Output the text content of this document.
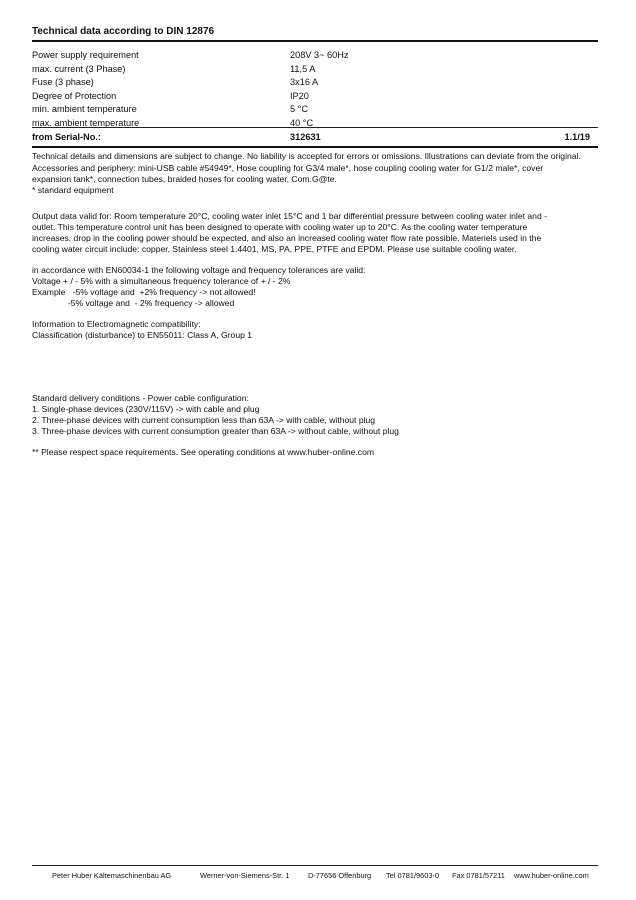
Technical data according to DIN 12876
Power supply requirement	208V 3~ 60Hz
max. current (3 Phase)	11,5 A
Fuse (3 phase)	3x16 A
Degree of Protection	IP20
min. ambient temperature	5 °C
max. ambient temperature	40 °C
from Serial-No.:	312631	1.1/19
Technical details and dimensions are subject to change. No liability is accepted for errors or omissions. Illustrations can deviate from the original.
Accessories and periphery: mini-USB cable #54949*, Hose coupling for G3/4 male*, hose coupling cooling water for G1/2 male*, cover
expansion tank*, connection tubes, braided hoses for cooling water, Com.G@te.
* standard equipment
Output data valid for: Room temperature 20°C, cooling water inlet 15°C and 1 bar differential pressure between cooling water inlet and -
outlet. This temperature control unit has been designed to operate with cooling water up to 20°C. As the cooling water temperature
increases, drop in the cooling power should be expected, and also an increased cooling water flow rate possible. Materiels used in the
cooling water circuit include: copper, Stainless steel 1.4401, MS, PA, PPE, PTFE and EPDM. Please use suitable cooling water.
in accordance with EN60034-1 the following voltage and frequency tolerances are valid:
Voltage + / - 5% with a simultaneous frequency tolerance of + / - 2%
Example   -5% voltage and  +2% frequency -> not allowed!
-5% voltage and  - 2% frequency -> allowed
Information to Electromagnetic compatibility:
Classification (disturbance) to EN55011: Class A, Group 1
Standard delivery conditions - Power cable configuration:
1. Single-phase devices (230V/115V) -> with cable and plug
2. Three-phase devices with current consumption less than 63A -> with cable, without plug
3. Three-phase devices with current consumption greater than 63A -> without cable, without plug
** Please respect space requirements. See operating conditions at www.huber-online.com
Peter Huber Kältemaschinenbau AG	Werner-von-Siemens-Str. 1	D-77656 Offenburg Tel 0781/9603-0 Fax 0781/57211 www.huber-online.com
